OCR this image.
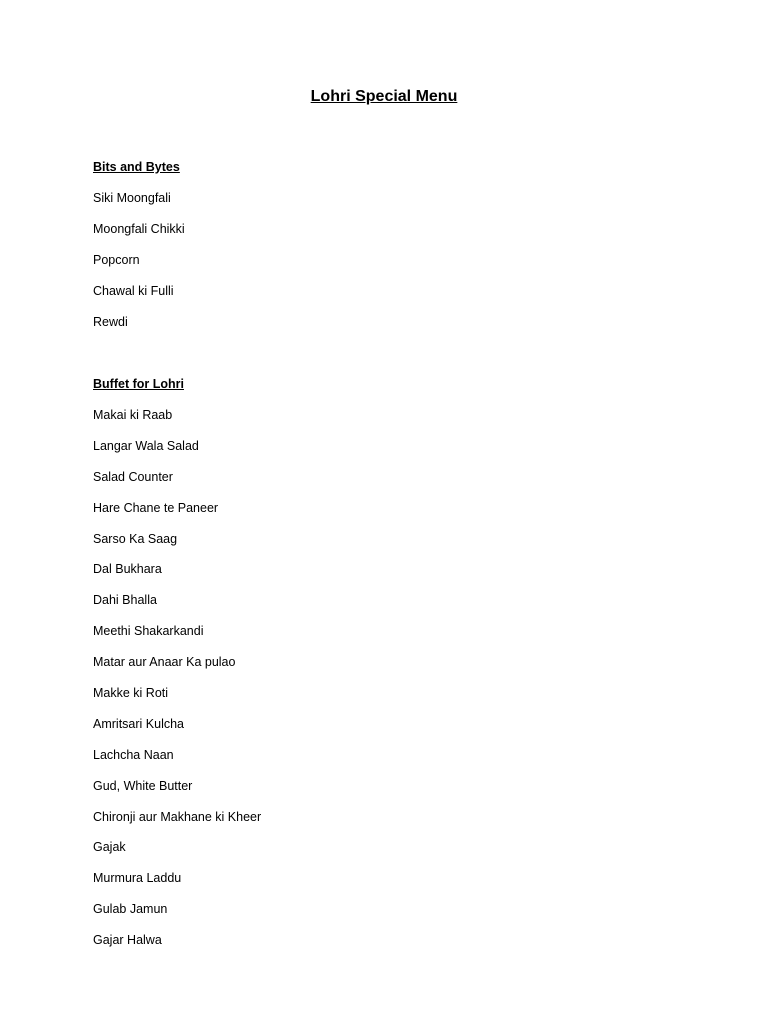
Lohri Special Menu
Bits and Bytes
Siki Moongfali
Moongfali Chikki
Popcorn
Chawal ki Fulli
Rewdi
Buffet for Lohri
Makai ki Raab
Langar Wala Salad
Salad Counter
Hare Chane te Paneer
Sarso Ka Saag
Dal Bukhara
Dahi Bhalla
Meethi Shakarkandi
Matar aur Anaar Ka pulao
Makke ki Roti
Amritsari Kulcha
Lachcha Naan
Gud, White Butter
Chironji aur Makhane ki Kheer
Gajak
Murmura Laddu
Gulab Jamun
Gajar Halwa
